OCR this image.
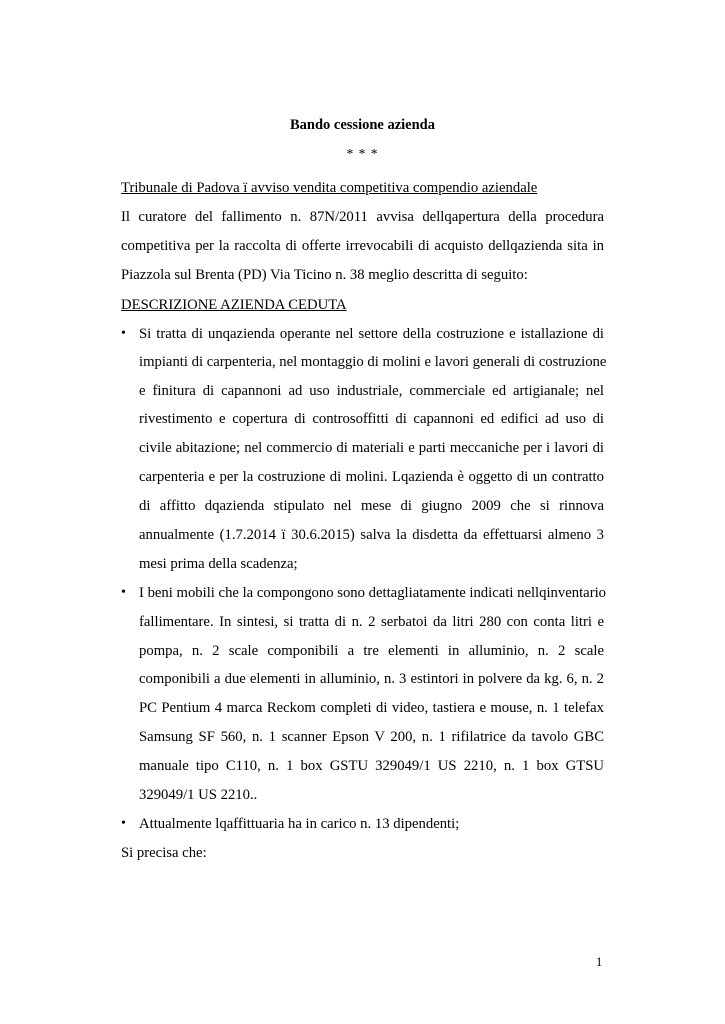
Bando cessione azienda
* * *
Tribunale di Padova ï avviso vendita competitiva compendio aziendale
Il curatore del fallimento n. 87N/2011 avvisa dellqapertura della procedura
competitiva per la raccolta di offerte irrevocabili di acquisto dellqazienda sita in
Piazzola sul Brenta (PD) Via Ticino n. 38 meglio descritta di seguito:
DESCRIZIONE AZIENDA CEDUTA
• Si tratta di unqazienda operante nel settore della costruzione e istallazione di
impianti di carpenteria, nel montaggio di molini e lavori generali di costruzione
e finitura di capannoni ad uso industriale, commerciale ed artigianale; nel
rivestimento e copertura di controsoffitti di capannoni ed edifici ad uso di
civile abitazione; nel commercio di materiali e parti meccaniche per i lavori di
carpenteria e per la costruzione di molini. Lqazienda è oggetto di un contratto
di affitto dqazienda stipulato nel mese di giugno 2009 che si rinnova
annualmente (1.7.2014 ï 30.6.2015) salva la disdetta da effettuarsi almeno 3
mesi prima della scadenza;
• I beni mobili che la compongono sono dettagliatamente indicati nellqinventario
fallimentare. In sintesi, si tratta di n. 2 serbatoi da litri 280 con conta litri e
pompa, n. 2 scale componibili a tre elementi in alluminio, n. 2 scale
componibili a due elementi in alluminio, n. 3 estintori in polvere da kg. 6, n. 2
PC Pentium 4 marca Reckom completi di video, tastiera e mouse, n. 1 telefax
Samsung SF 560, n. 1 scanner Epson V 200, n. 1 rifilatrice da tavolo GBC
manuale tipo C110, n. 1 box GSTU 329049/1 US 2210, n. 1 box GTSU
329049/1 US 2210..
• Attualmente lqaffittuaria ha in carico n. 13 dipendenti;
Si precisa che:
1
